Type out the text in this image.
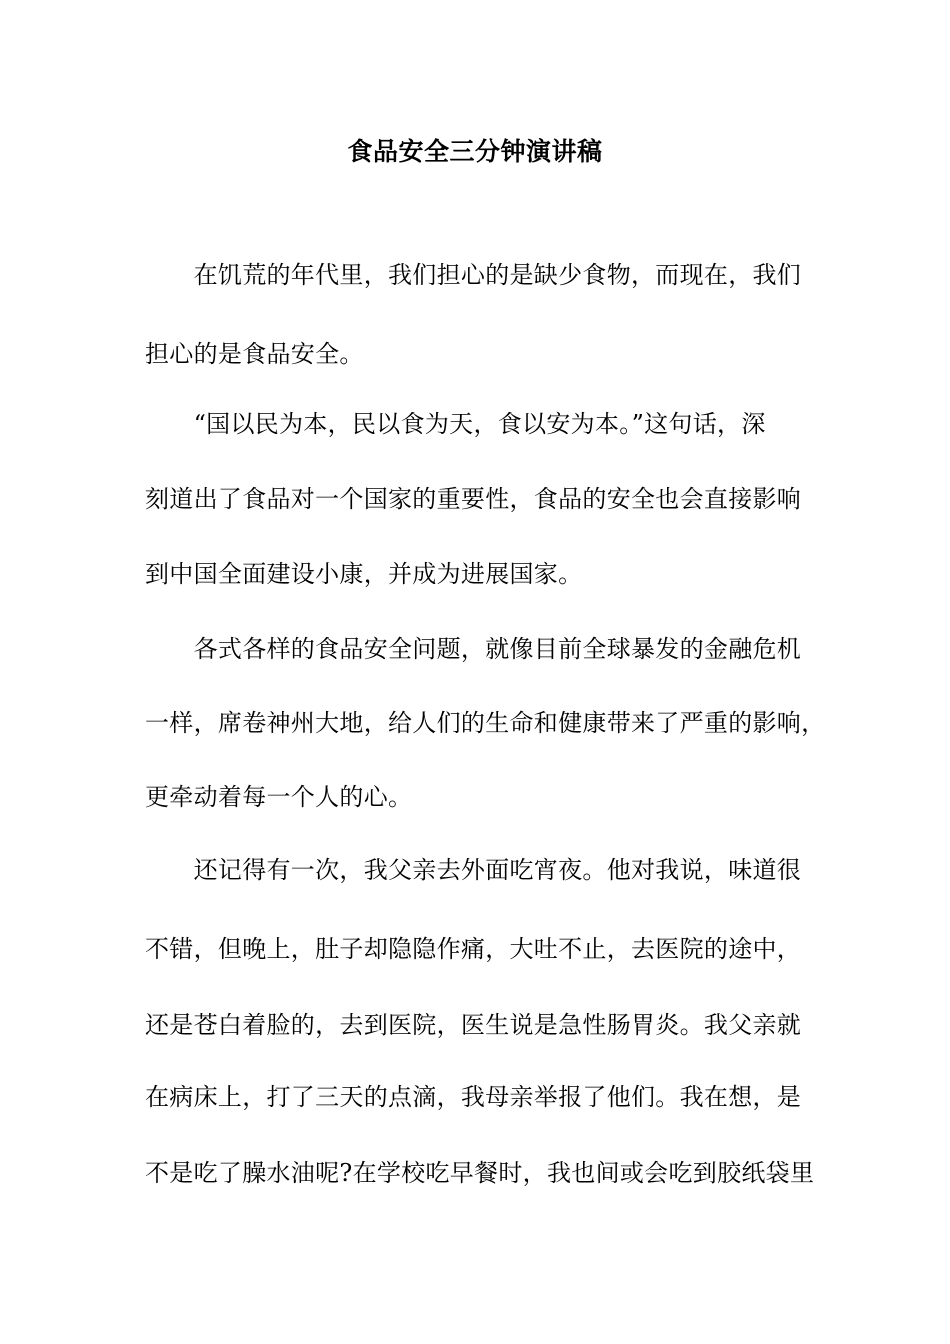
食品安全三分钟演讲稿
　　在饥荒的年代里，我们担心的是缺少食物，而现在，我们
担心的是食品安全。
　　“国以民为本，民以食为天，食以安为本。”这句话，深
刻道出了食品对一个国家的重要性，食品的安全也会直接影响
到中国全面建设小康，并成为进展国家。
　　各式各样的食品安全问题，就像目前全球暴发的金融危机
一样，席卷神州大地，给人们的生命和健康带来了严重的影响，
更牵动着每一个人的心。
　　还记得有一次，我父亲去外面吃宵夜。他对我说，味道很
不错，但晚上，肚子却隐隐作痛，大吐不止，去医院的途中，
还是苍白着脸的，去到医院，医生说是急性肠胃炎。我父亲就
在病床上，打了三天的点滴，我母亲举报了他们。我在想，是
不是吃了臊水油呢?在学校吃早餐时，我也间或会吃到胶纸袋里
